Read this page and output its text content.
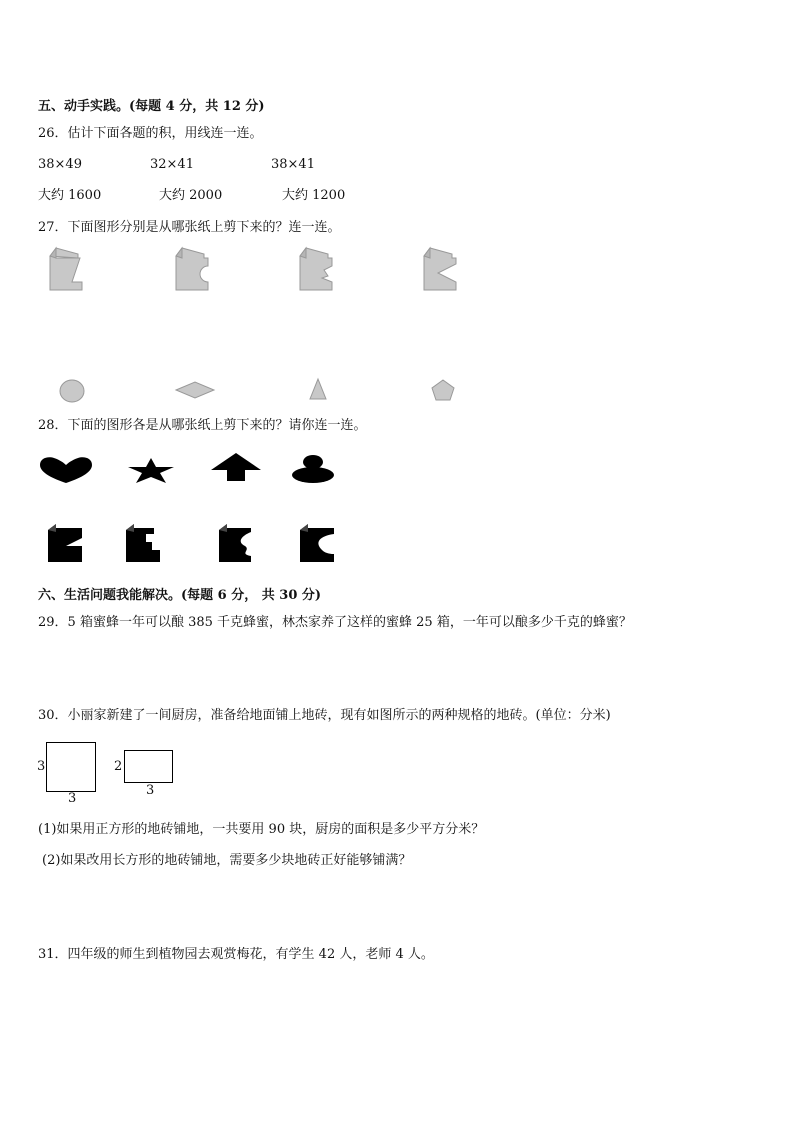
五、动手实践。(每题 4 分，共 12 分)
26．估计下面各题的积，用线连一连。
38×49	32×41	38×41
大约 1600	大约 2000	大约 1200
27．下面图形分别是从哪张纸上剪下来的？连一连。
28．下面的图形各是从哪张纸上剪下来的？请你连一连。
六、生活问题我能解决。(每题 6 分， 共 30 分)
29．5 箱蜜蜂一年可以酿 385 千克蜂蜜，林杰家养了这样的蜜蜂 25 箱，一年可以酿多少千克的蜂蜜？
30．小丽家新建了一间厨房，准备给地面铺上地砖，现有如图所示的两种规格的地砖。(单位：分米)
3
3
2
3
(1)如果用正方形的地砖铺地，一共要用 90 块，厨房的面积是多少平方分米？
(2)如果改用长方形的地砖铺地，需要多少块地砖正好能够铺满？
31．四年级的师生到植物园去观赏梅花，有学生 42 人，老师 4 人。
